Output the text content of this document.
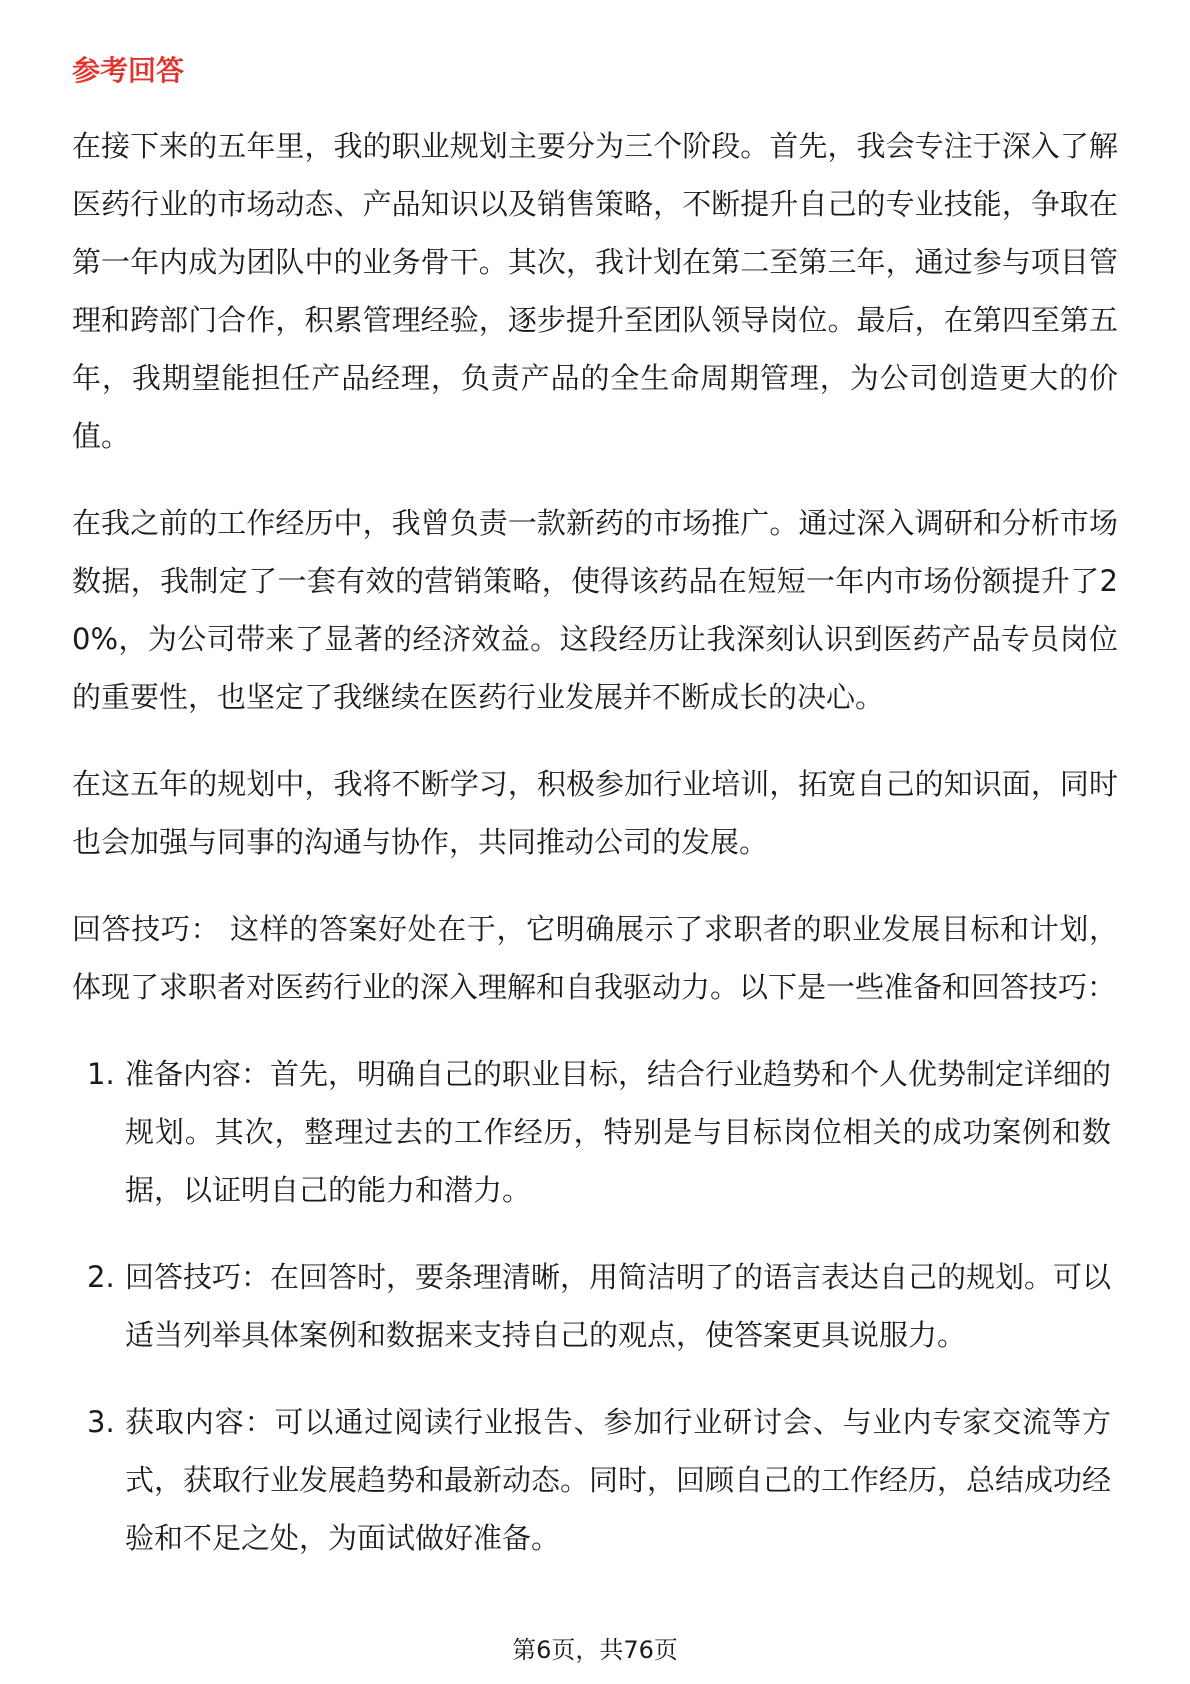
参考回答

在接下来的五年里，我的职业规划主要分为三个阶段。首先，我会专注于深入了解医药行业的市场动态、产品知识以及销售策略，不断提升自己的专业技能，争取在第一年内成为团队中的业务骨干。其次，我计划在第二至第三年，通过参与项目管理和跨部门合作，积累管理经验，逐步提升至团队领导岗位。最后，在第四至第五年，我期望能担任产品经理，负责产品的全生命周期管理，为公司创造更大的价值。

在我之前的工作经历中，我曾负责一款新药的市场推广。通过深入调研和分析市场数据，我制定了一套有效的营销策略，使得该药品在短短一年内市场份额提升了20%，为公司带来了显著的经济效益。这段经历让我深刻认识到医药产品专员岗位的重要性，也坚定了我继续在医药行业发展并不断成长的决心。

在这五年的规划中，我将不断学习，积极参加行业培训，拓宽自己的知识面，同时也会加强与同事的沟通与协作，共同推动公司的发展。

回答技巧： 这样的答案好处在于，它明确展示了求职者的职业发展目标和计划，体现了求职者对医药行业的深入理解和自我驱动力。以下是一些准备和回答技巧：

1. 准备内容：首先，明确自己的职业目标，结合行业趋势和个人优势制定详细的规划。其次，整理过去的工作经历，特别是与目标岗位相关的成功案例和数据，以证明自己的能力和潜力。
2. 回答技巧：在回答时，要条理清晰，用简洁明了的语言表达自己的规划。可以适当列举具体案例和数据来支持自己的观点，使答案更具说服力。
3. 获取内容：可以通过阅读行业报告、参加行业研讨会、与业内专家交流等方式，获取行业发展趋势和最新动态。同时，回顾自己的工作经历，总结成功经验和不足之处，为面试做好准备。
第6页，共76页
